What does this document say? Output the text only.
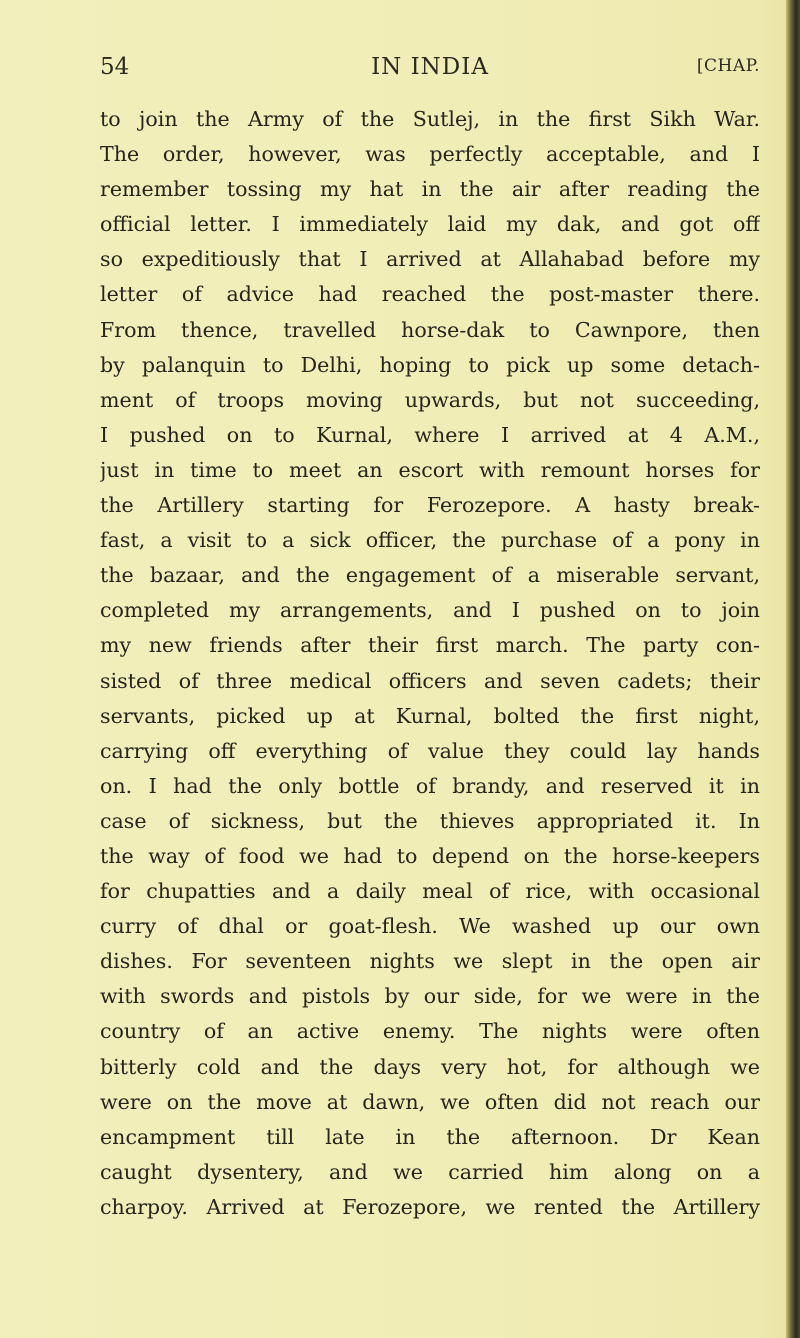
54	IN INDIA	[CHAP.
to join the Army of the Sutlej, in the first Sikh War.
The order, however, was perfectly acceptable, and I
remember tossing my hat in the air after reading the
official letter. I immediately laid my dak, and got off
so expeditiously that I arrived at Allahabad before my
letter of advice had reached the post-master there.
From thence, travelled horse-dak to Cawnpore, then
by palanquin to Delhi, hoping to pick up some detach-
ment of troops moving upwards, but not succeeding,
I pushed on to Kurnal, where I arrived at 4 A.M.,
just in time to meet an escort with remount horses for
the Artillery starting for Ferozepore. A hasty break-
fast, a visit to a sick officer, the purchase of a pony in
the bazaar, and the engagement of a miserable servant,
completed my arrangements, and I pushed on to join
my new friends after their first march. The party con-
sisted of three medical officers and seven cadets; their
servants, picked up at Kurnal, bolted the first night,
carrying off everything of value they could lay hands
on. I had the only bottle of brandy, and reserved it in
case of sickness, but the thieves appropriated it. In
the way of food we had to depend on the horse-keepers
for chupatties and a daily meal of rice, with occasional
curry of dhal or goat-flesh. We washed up our own
dishes. For seventeen nights we slept in the open air
with swords and pistols by our side, for we were in the
country of an active enemy. The nights were often
bitterly cold and the days very hot, for although we
were on the move at dawn, we often did not reach our
encampment till late in the afternoon. Dr Kean
caught dysentery, and we carried him along on a
charpoy. Arrived at Ferozepore, we rented the Artillery
